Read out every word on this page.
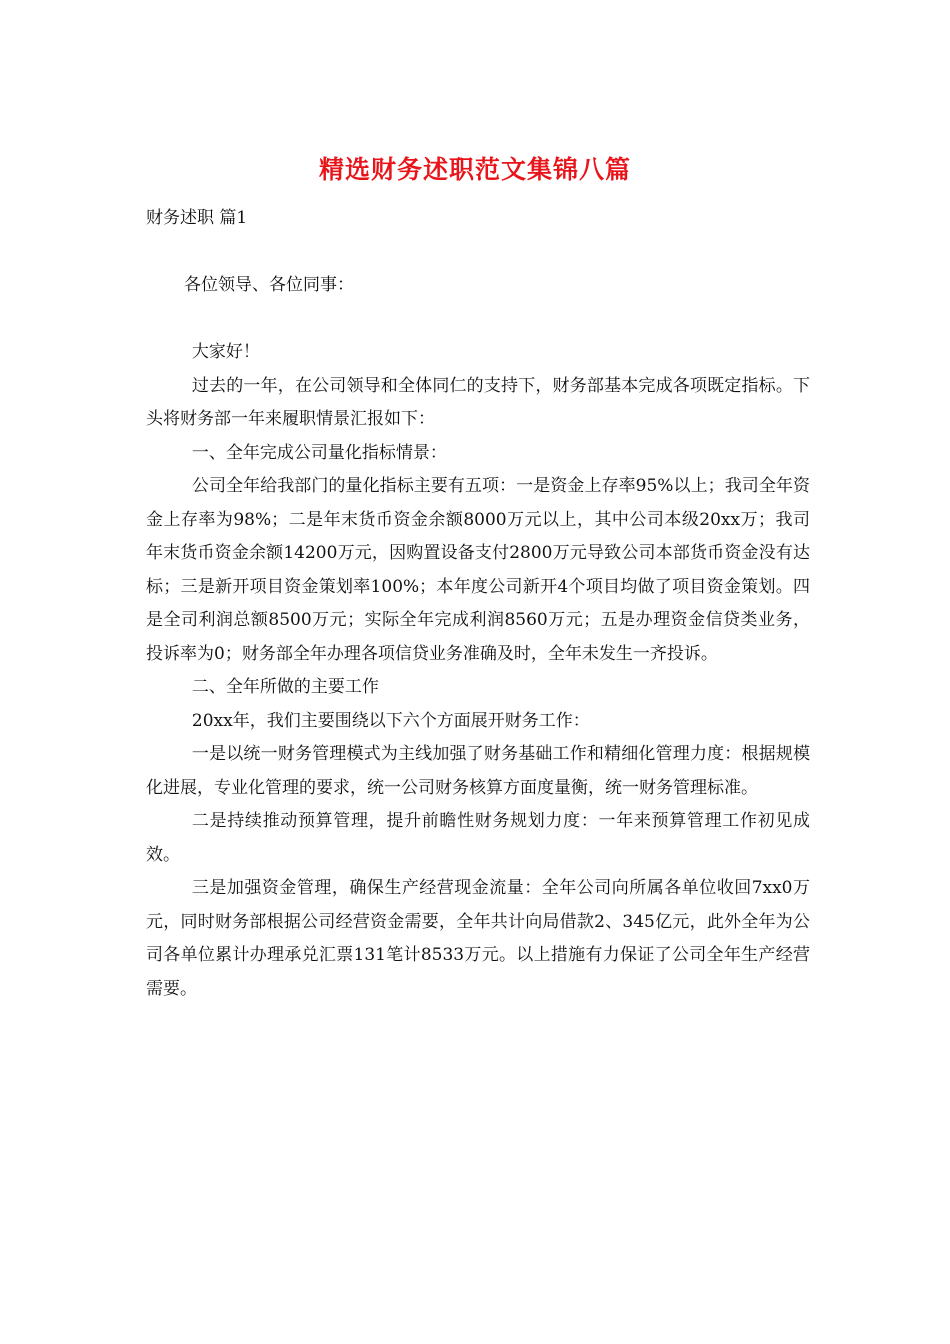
精选财务述职范文集锦八篇
财务述职 篇1
各位领导、各位同事：

大家好！

过去的一年，在公司领导和全体同仁的支持下，财务部基本完成各项既定指标。下头将财务部一年来履职情景汇报如下：

一、全年完成公司量化指标情景：

公司全年给我部门的量化指标主要有五项：一是资金上存率95%以上；我司全年资金上存率为98%；二是年末货币资金余额8000万元以上，其中公司本级20xx万；我司年末货币资金余额14200万元，因购置设备支付2800万元导致公司本部货币资金没有达标；三是新开项目资金策划率100%；本年度公司新开4个项目均做了项目资金策划。四是全司利润总额8500万元；实际全年完成利润8560万元；五是办理资金信贷类业务，投诉率为0；财务部全年办理各项信贷业务准确及时，全年未发生一齐投诉。

二、全年所做的主要工作

20xx年，我们主要围绕以下六个方面展开财务工作：

一是以统一财务管理模式为主线加强了财务基础工作和精细化管理力度：根据规模化进展，专业化管理的要求，统一公司财务核算方面度量衡，统一财务管理标准。

二是持续推动预算管理，提升前瞻性财务规划力度：一年来预算管理工作初见成效。

三是加强资金管理，确保生产经营现金流量：全年公司向所属各单位收回7xx0万元，同时财务部根据公司经营资金需要，全年共计向局借款2、345亿元，此外全年为公司各单位累计办理承兑汇票131笔计8533万元。以上措施有力保证了公司全年生产经营需要。
